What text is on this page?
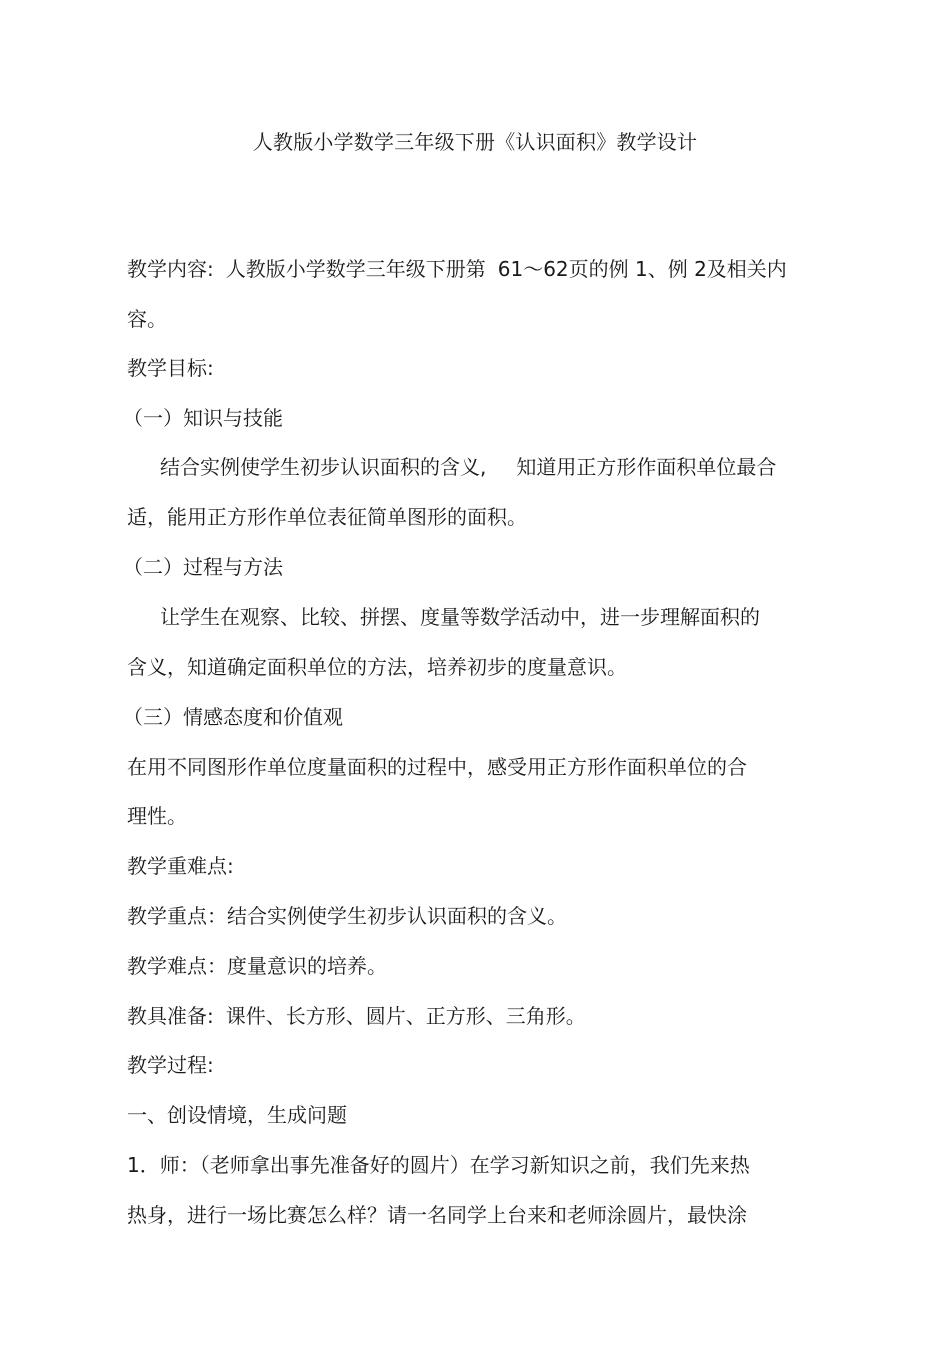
人教版小学数学三年级下册《认识面积》教学设计
教学内容: 人教版小学数学三年级下册第 61～62页的例 1、例 2及相关内
容。
教学目标:
（一）知识与技能
结合实例使学生初步认识面积的含义, 知道用正方形作面积单位最合
适，能用正方形作单位表征简单图形的面积。
（二）过程与方法
让学生在观察、比较、拼摆、度量等数学活动中，进一步理解面积的
含义，知道确定面积单位的方法，培养初步的度量意识。
（三）情感态度和价值观
在用不同图形作单位度量面积的过程中，感受用正方形作面积单位的合
理性。
教学重难点:
教学重点：结合实例使学生初步认识面积的含义。
教学难点：度量意识的培养。
教具准备: 课件、长方形、圆片、正方形、三角形。
教学过程:
一、创设情境，生成问题
1．师：（老师拿出事先准备好的圆片）在学习新知识之前，我们先来热
热身，进行一场比赛怎么样？请一名同学上台来和老师涂圆片，最快涂
